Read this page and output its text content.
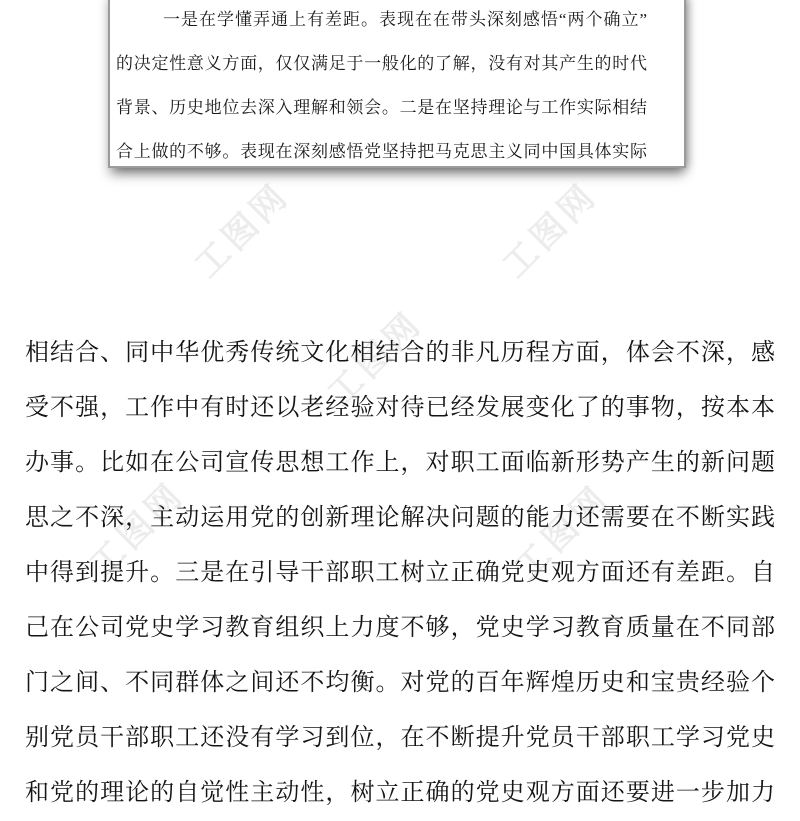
工图网	工图网
工图网
工图网	工图网
一是在学懂弄通上有差距。表现在在带头深刻感悟“两个确立”
的决定性意义方面，仅仅满足于一般化的了解，没有对其产生的时代
背景、历史地位去深入理解和领会。二是在坚持理论与工作实际相结
合上做的不够。表现在深刻感悟党坚持把马克思主义同中国具体实际
相结合、同中华优秀传统文化相结合的非凡历程方面，体会不深，感
受不强，工作中有时还以老经验对待已经发展变化了的事物，按本本
办事。比如在公司宣传思想工作上，对职工面临新形势产生的新问题
思之不深，主动运用党的创新理论解决问题的能力还需要在不断实践
中得到提升。三是在引导干部职工树立正确党史观方面还有差距。自
己在公司党史学习教育组织上力度不够，党史学习教育质量在不同部
门之间、不同群体之间还不均衡。对党的百年辉煌历史和宝贵经验个
别党员干部职工还没有学习到位，在不断提升党员干部职工学习党史
和党的理论的自觉性主动性，树立正确的党史观方面还要进一步加力
